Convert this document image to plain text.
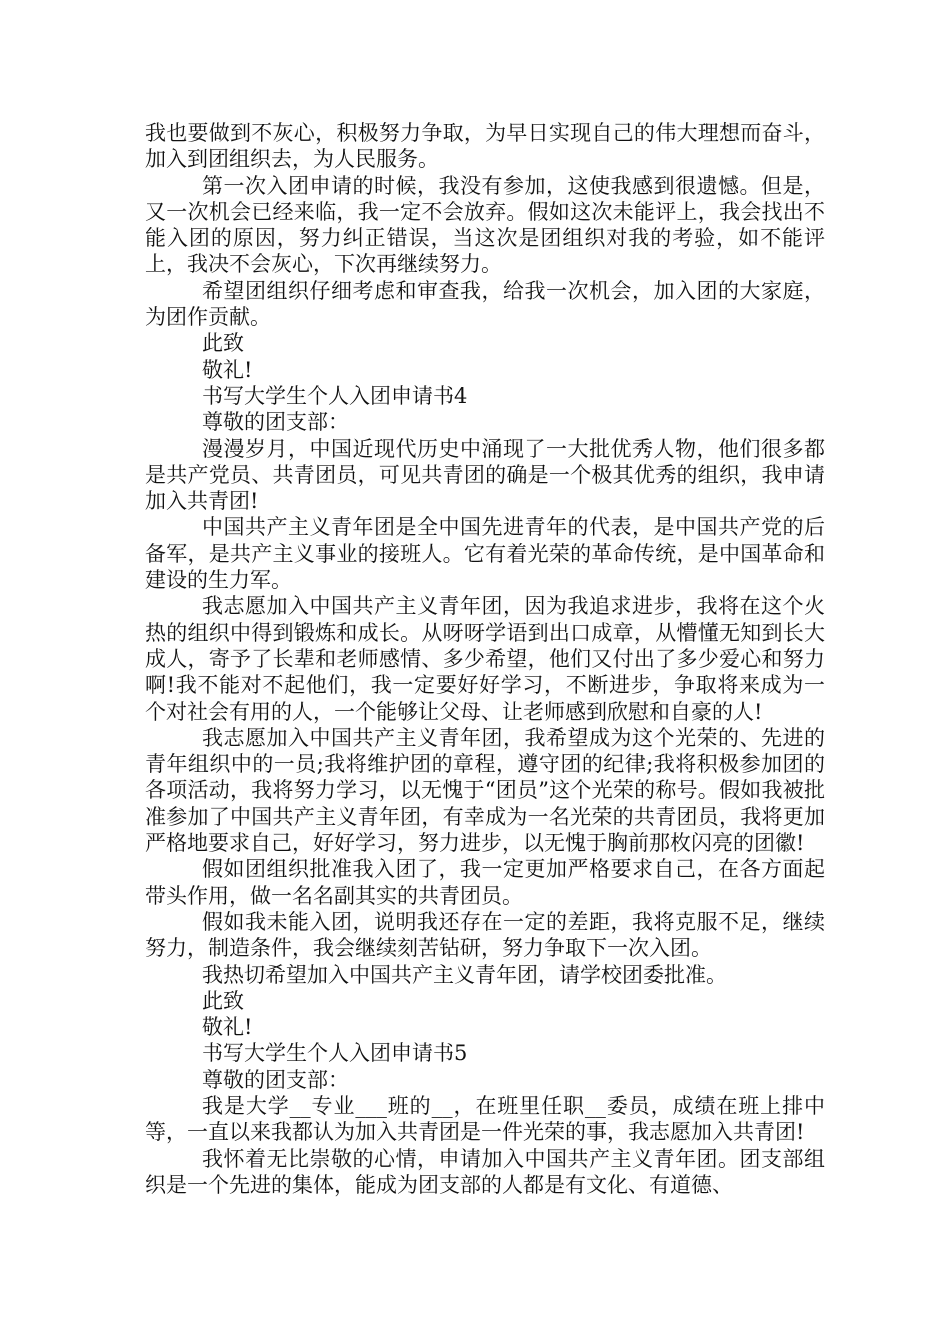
我也要做到不灰心，积极努力争取，为早日实现自己的伟大理想而奋斗，加入到团组织去，为人民服务。

第一次入团申请的时候，我没有参加，这使我感到很遗憾。但是，又一次机会已经来临，我一定不会放弃。假如这次未能评上，我会找出不能入团的原因，努力纠正错误，当这次是团组织对我的考验，如不能评上，我决不会灰心，下次再继续努力。

希望团组织仔细考虑和审查我，给我一次机会，加入团的大家庭，为团作贡献。

此致

敬礼!

书写大学生个人入团申请书4

尊敬的团支部：

漫漫岁月，中国近现代历史中涌现了一大批优秀人物，他们很多都是共产党员、共青团员，可见共青团的确是一个极其优秀的组织，我申请加入共青团!

中国共产主义青年团是全中国先进青年的代表，是中国共产党的后备军，是共产主义事业的接班人。它有着光荣的革命传统，是中国革命和建设的生力军。

我志愿加入中国共产主义青年团，因为我追求进步，我将在这个火热的组织中得到锻炼和成长。从呀呀学语到出口成章，从懵懂无知到长大成人，寄予了长辈和老师感情、多少希望，他们又付出了多少爱心和努力啊!我不能对不起他们，我一定要好好学习，不断进步，争取将来成为一个对社会有用的人，一个能够让父母、让老师感到欣慰和自豪的人!

我志愿加入中国共产主义青年团，我希望成为这个光荣的、先进的青年组织中的一员;我将维护团的章程，遵守团的纪律;我将积极参加团的各项活动，我将努力学习，以无愧于“团员”这个光荣的称号。假如我被批准参加了中国共产主义青年团，有幸成为一名光荣的共青团员，我将更加严格地要求自己，好好学习，努力进步，以无愧于胸前那枚闪亮的团徽!

假如团组织批准我入团了，我一定更加严格要求自己，在各方面起带头作用，做一名名副其实的共青团员。

假如我未能入团，说明我还存在一定的差距，我将克服不足，继续努力，制造条件，我会继续刻苦钻研，努力争取下一次入团。

我热切希望加入中国共产主义青年团，请学校团委批准。

此致

敬礼!

书写大学生个人入团申请书5

尊敬的团支部：

我是大学__专业___班的__，在班里任职__委员，成绩在班上排中等，一直以来我都认为加入共青团是一件光荣的事，我志愿加入共青团!

我怀着无比崇敬的心情，申请加入中国共产主义青年团。团支部组织是一个先进的集体，能成为团支部的人都是有文化、有道德、
